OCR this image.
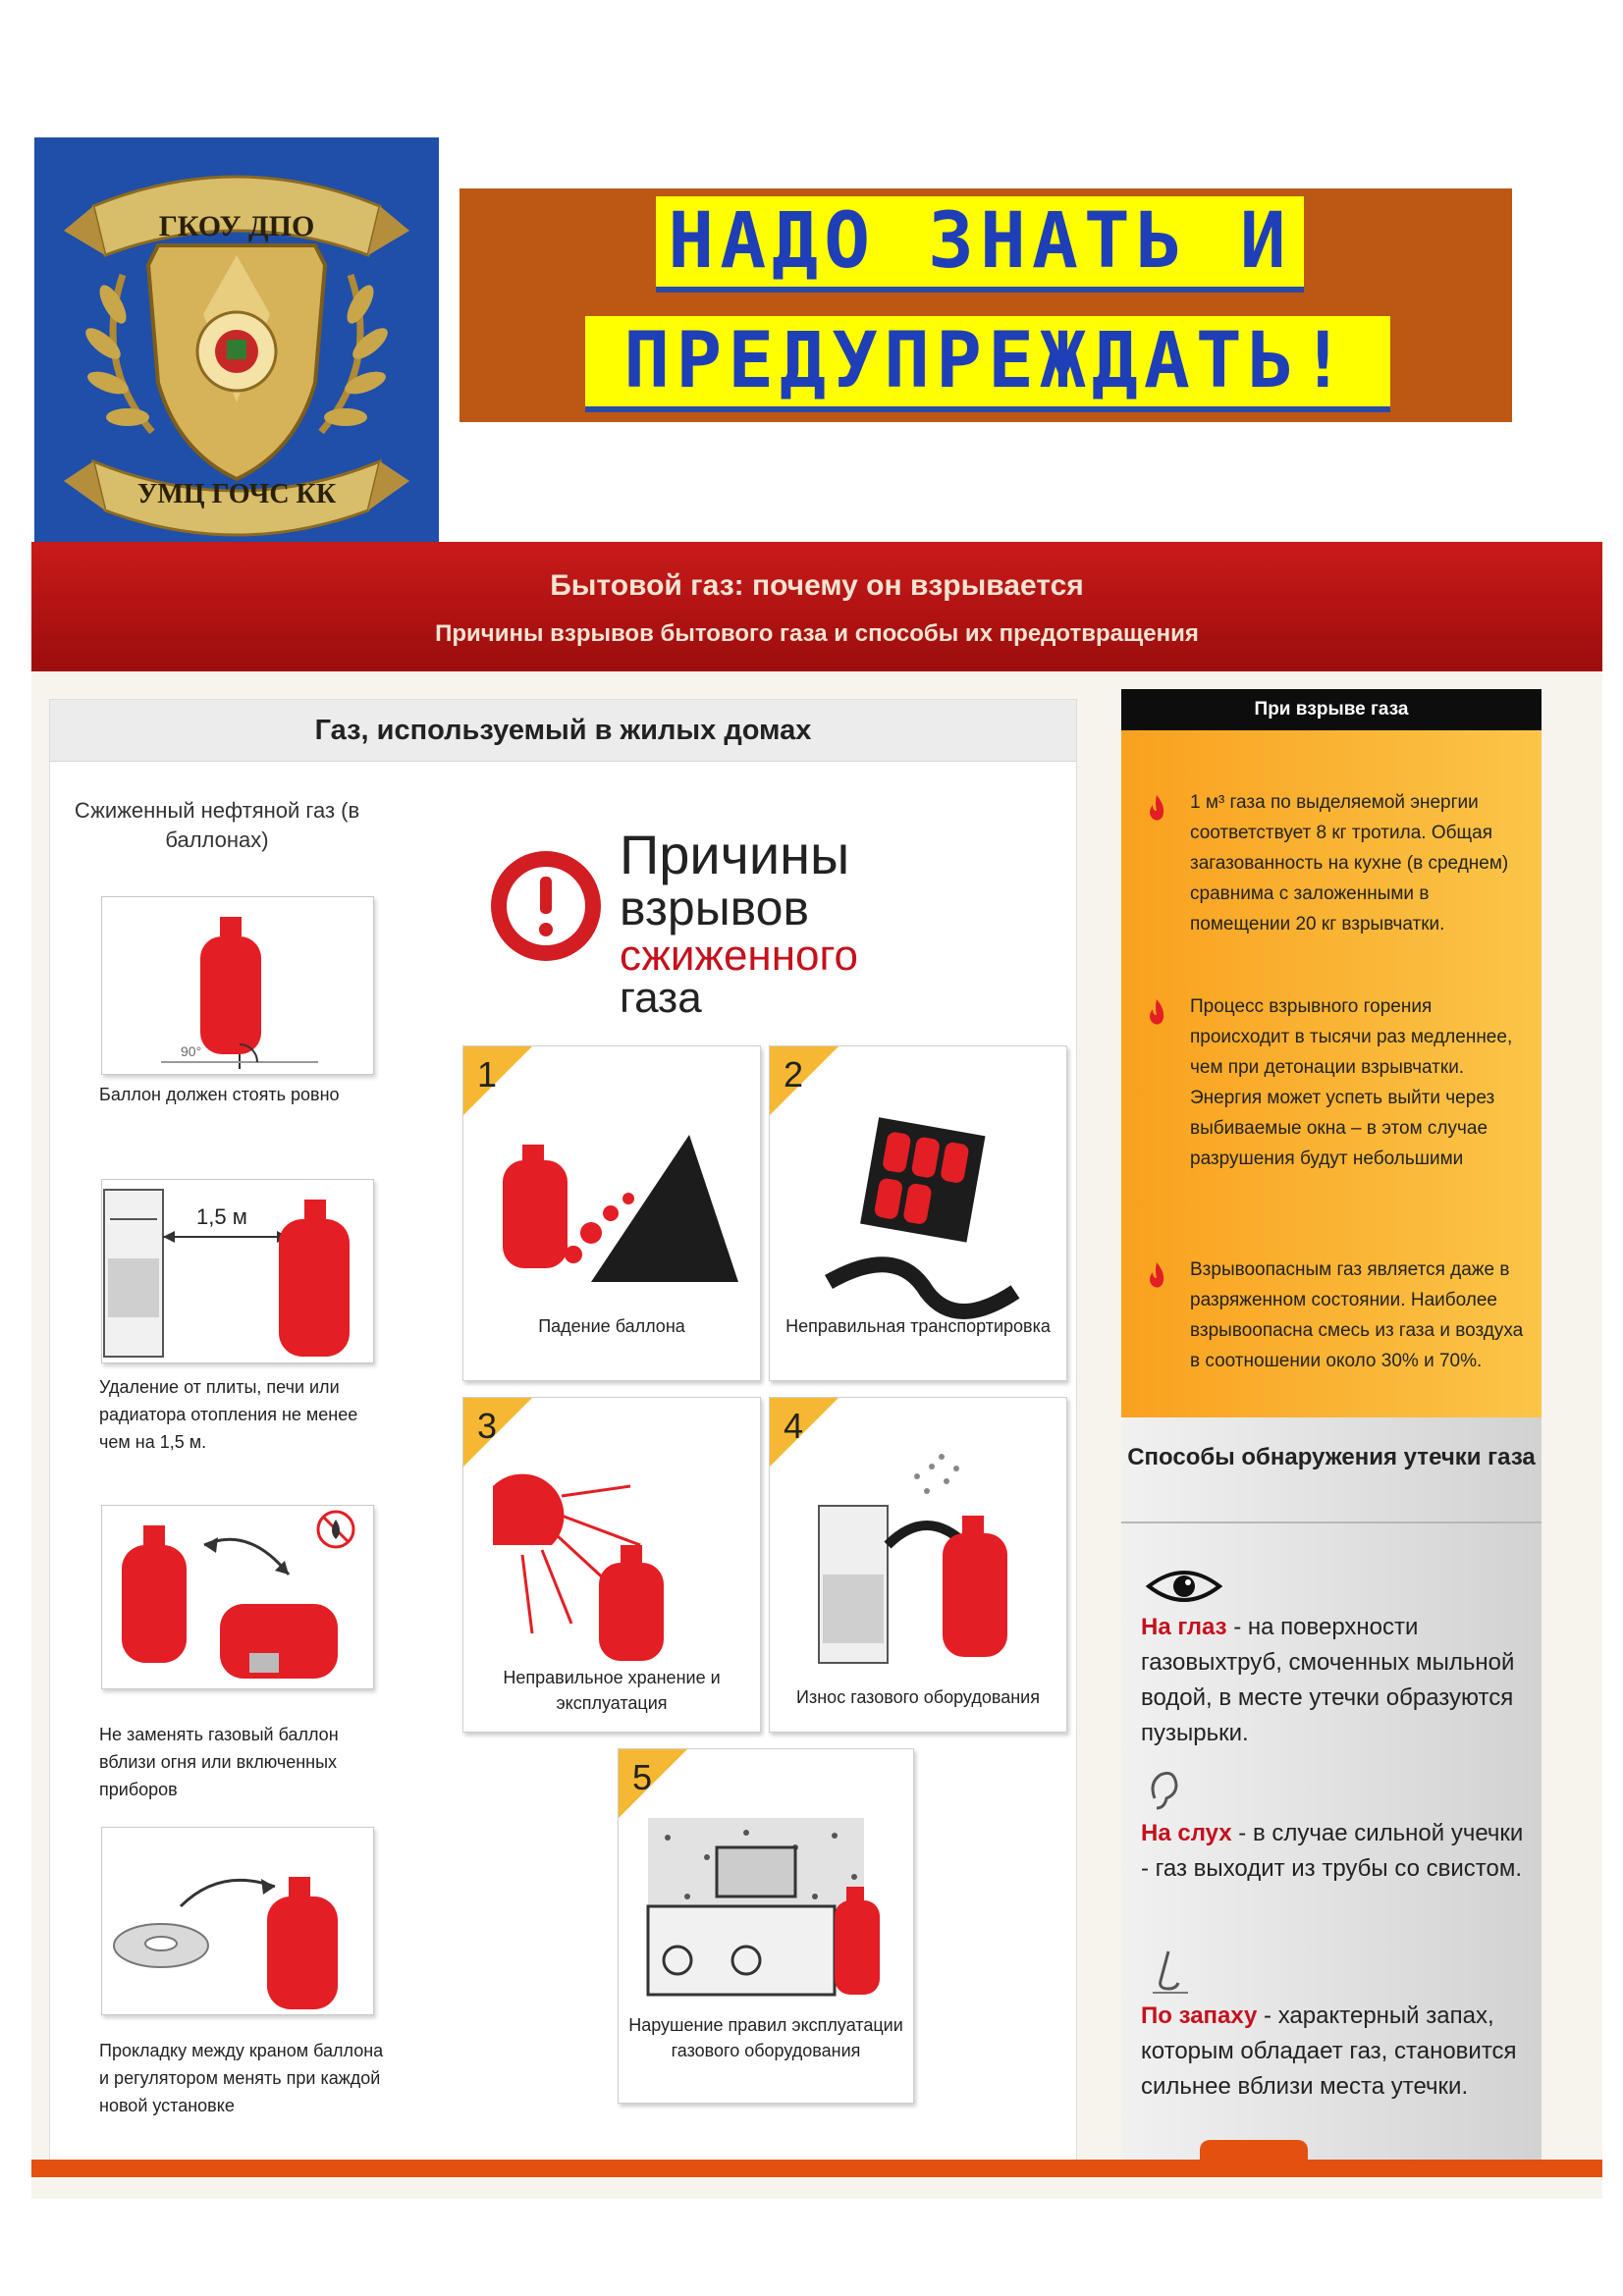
ГКОУ ДПО
УМЦ ГОЧС КК
НАДО ЗНАТЬ И
ПРЕДУПРЕЖДАТЬ!
Бытовой газ: почему он взрывается
Причины взрывов бытового газа и способы их предотвращения
Газ, используемый в жилых домах
Сжиженный нефтяной газ (в баллонах)
90°
Баллон должен стоять ровно
1,5 м
Удаление от плиты, печи или радиатора отопления не менее чем на 1,5 м.
Не заменять газовый баллон вблизи огня или включенных приборов
Прокладку между краном баллона и регулятором менять при каждой новой установке
Причины
взрывов
сжиженного
газа
1
Падение баллона
2
Неправильная транспортировка
3
Неправильное хранение и эксплуатация
4
Износ газового оборудования
5
Нарушение правил эксплуатации газового оборудования
При взрыве газа
1 м³ газа по выделяемой энергии соответствует 8 кг тротила. Общая загазованность на кухне (в среднем) сравнима с заложенными в помещении 20 кг взрывчатки.
Процесс взрывного горения происходит в тысячи раз медленнее, чем при детонации взрывчатки. Энергия может успеть выйти через выбиваемые окна – в этом случае разрушения будут небольшими
Взрывоопасным газ является даже в разряженном состоянии. Наиболее взрывоопасна смесь из газа и воздуха в соотношении около 30% и 70%.
Способы обнаружения утечки газа
На глаз - на поверхности газовыхтруб, смоченных мыльной водой, в месте утечки образуются пузырьки.
На слух - в случае сильной учечки - газ выходит из трубы со свистом.
По запаху - характерный запах, которым обладает газ, становится сильнее вблизи места утечки.
